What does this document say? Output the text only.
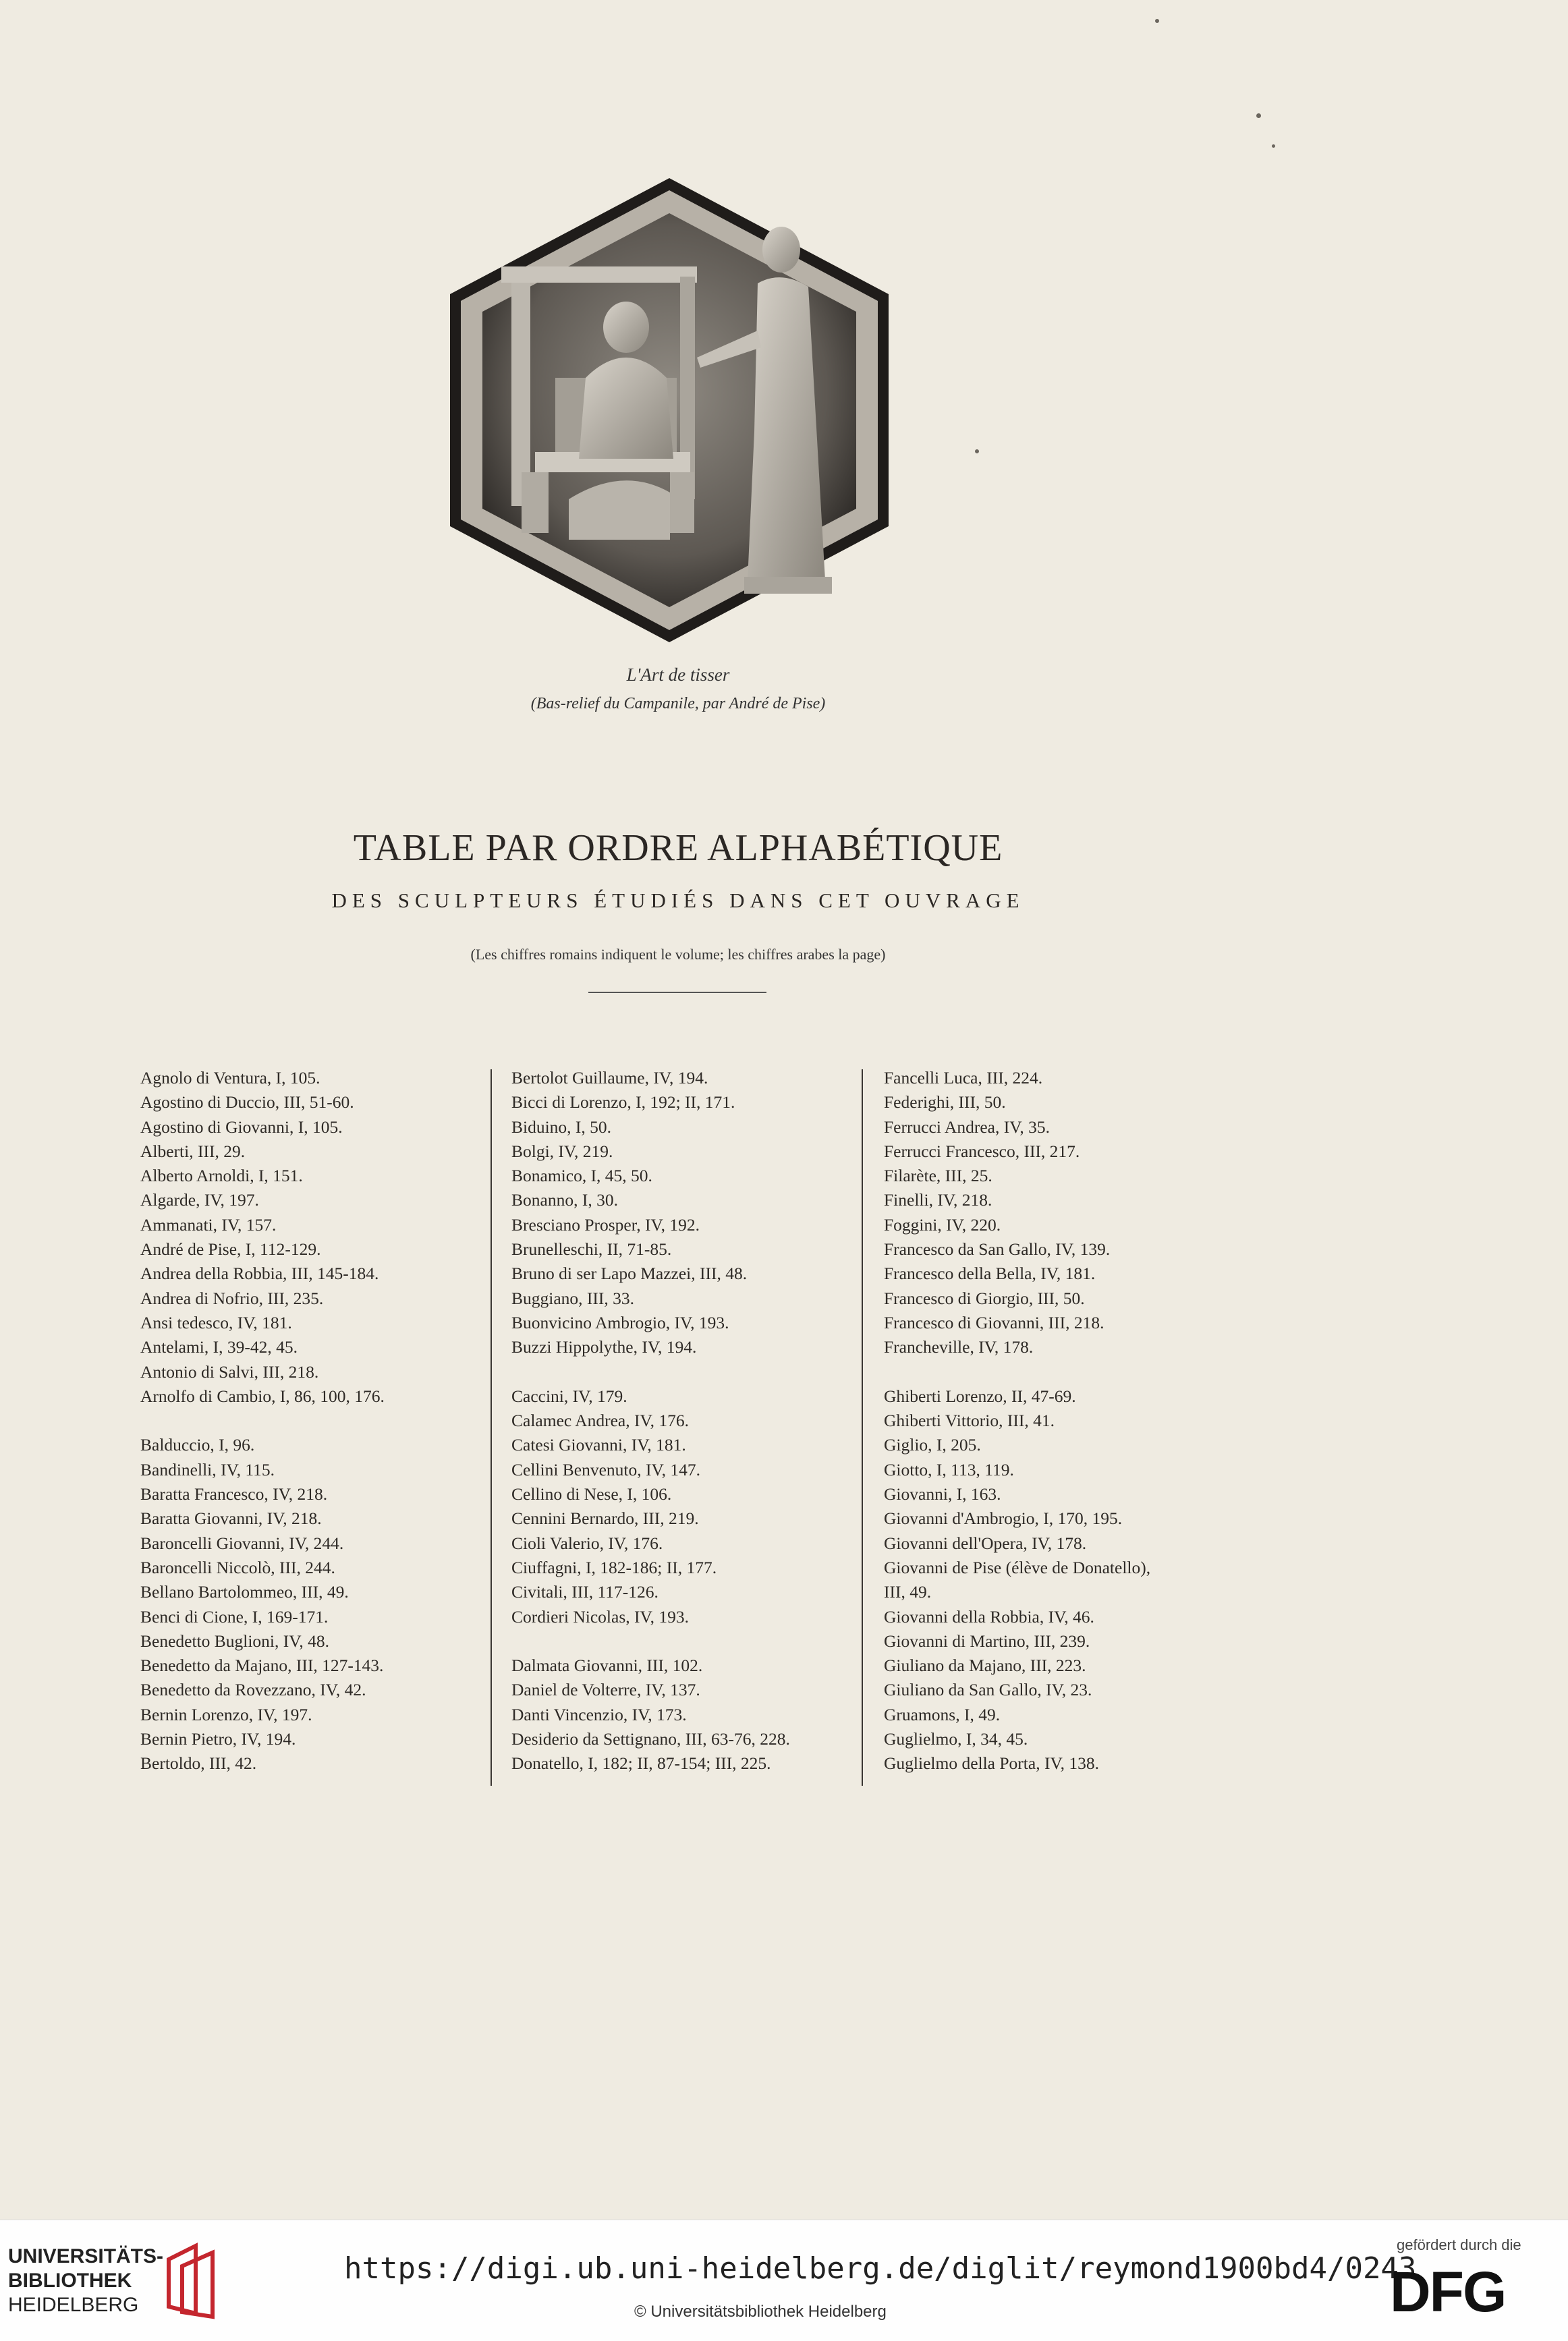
L'Art de tisser
(Bas-relief du Campanile, par André de Pise)
TABLE PAR ORDRE ALPHABÉTIQUE
DES SCULPTEURS ÉTUDIÉS DANS CET OUVRAGE
(Les chiffres romains indiquent le volume; les chiffres arabes la page)
Agnolo di Ventura, I, 105.
Agostino di Duccio, III, 51-60.
Agostino di Giovanni, I, 105.
Alberti, III, 29.
Alberto Arnoldi, I, 151.
Algarde, IV, 197.
Ammanati, IV, 157.
André de Pise, I, 112-129.
Andrea della Robbia, III, 145-184.
Andrea di Nofrio, III, 235.
Ansi tedesco, IV, 181.
Antelami, I, 39-42, 45.
Antonio di Salvi, III, 218.
Arnolfo di Cambio, I, 86, 100, 176.
Balduccio, I, 96.
Bandinelli, IV, 115.
Baratta Francesco, IV, 218.
Baratta Giovanni, IV, 218.
Baroncelli Giovanni, IV, 244.
Baroncelli Niccolò, III, 244.
Bellano Bartolommeo, III, 49.
Benci di Cione, I, 169-171.
Benedetto Buglioni, IV, 48.
Benedetto da Majano, III, 127-143.
Benedetto da Rovezzano, IV, 42.
Bernin Lorenzo, IV, 197.
Bernin Pietro, IV, 194.
Bertoldo, III, 42.
Bertolot Guillaume, IV, 194.
Bicci di Lorenzo, I, 192; II, 171.
Biduino, I, 50.
Bolgi, IV, 219.
Bonamico, I, 45, 50.
Bonanno, I, 30.
Bresciano Prosper, IV, 192.
Brunelleschi, II, 71-85.
Bruno di ser Lapo Mazzei, III, 48.
Buggiano, III, 33.
Buonvicino Ambrogio, IV, 193.
Buzzi Hippolythe, IV, 194.
Caccini, IV, 179.
Calamec Andrea, IV, 176.
Catesi Giovanni, IV, 181.
Cellini Benvenuto, IV, 147.
Cellino di Nese, I, 106.
Cennini Bernardo, III, 219.
Cioli Valerio, IV, 176.
Ciuffagni, I, 182-186; II, 177.
Civitali, III, 117-126.
Cordieri Nicolas, IV, 193.
Dalmata Giovanni, III, 102.
Daniel de Volterre, IV, 137.
Danti Vincenzio, IV, 173.
Desiderio da Settignano, III, 63-76, 228.
Donatello, I, 182; II, 87-154; III, 225.
Fancelli Luca, III, 224.
Federighi, III, 50.
Ferrucci Andrea, IV, 35.
Ferrucci Francesco, III, 217.
Filarète, III, 25.
Finelli, IV, 218.
Foggini, IV, 220.
Francesco da San Gallo, IV, 139.
Francesco della Bella, IV, 181.
Francesco di Giorgio, III, 50.
Francesco di Giovanni, III, 218.
Francheville, IV, 178.
Ghiberti Lorenzo, II, 47-69.
Ghiberti Vittorio, III, 41.
Giglio, I, 205.
Giotto, I, 113, 119.
Giovanni, I, 163.
Giovanni d'Ambrogio, I, 170, 195.
Giovanni dell'Opera, IV, 178.
Giovanni de Pise (élève de Donatello),
III, 49.
Giovanni della Robbia, IV, 46.
Giovanni di Martino, III, 239.
Giuliano da Majano, III, 223.
Giuliano da San Gallo, IV, 23.
Gruamons, I, 49.
Guglielmo, I, 34, 45.
Guglielmo della Porta, IV, 138.
UNIVERSITÄTS-
BIBLIOTHEK
HEIDELBERG
https://digi.ub.uni-heidelberg.de/diglit/reymond1900bd4/0243
© Universitätsbibliothek Heidelberg
gefördert durch die
DFG
